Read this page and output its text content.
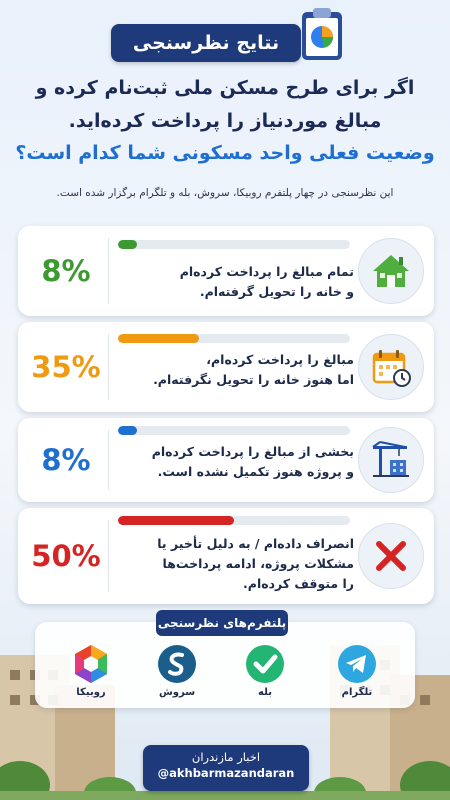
نتایج نظرسنجی
اگر برای طرح مسکن ملی ثبت‌نام کرده و
مبالغ موردنیاز را پرداخت کرده‌اید.
وضعیت فعلی واحد مسکونی شما کدام است؟
این نظرسنجی در چهار پلتفرم روبیکا، سروش، بله و تلگرام برگزار شده است.
8%	تمام مبالغ را پرداخت کرده‌ام
و خانه را تحویل گرفته‌ام.
35%	مبالغ را پرداخت کرده‌ام،
اما هنوز خانه را تحویل نگرفته‌ام.
8%	بخشی از مبالغ را پرداخت کرده‌ام
و پروژه هنوز تکمیل نشده است.
50%	انصراف داده‌ام / به دلیل تأخیر یا
مشکلات پروژه، ادامه پرداخت‌ها
را متوقف کرده‌ام.
پلتفرم‌های نظرسنجی
تلگرام
بله
سروش
روبیکا
اخبار مازندران
@akhbarmazandaran
